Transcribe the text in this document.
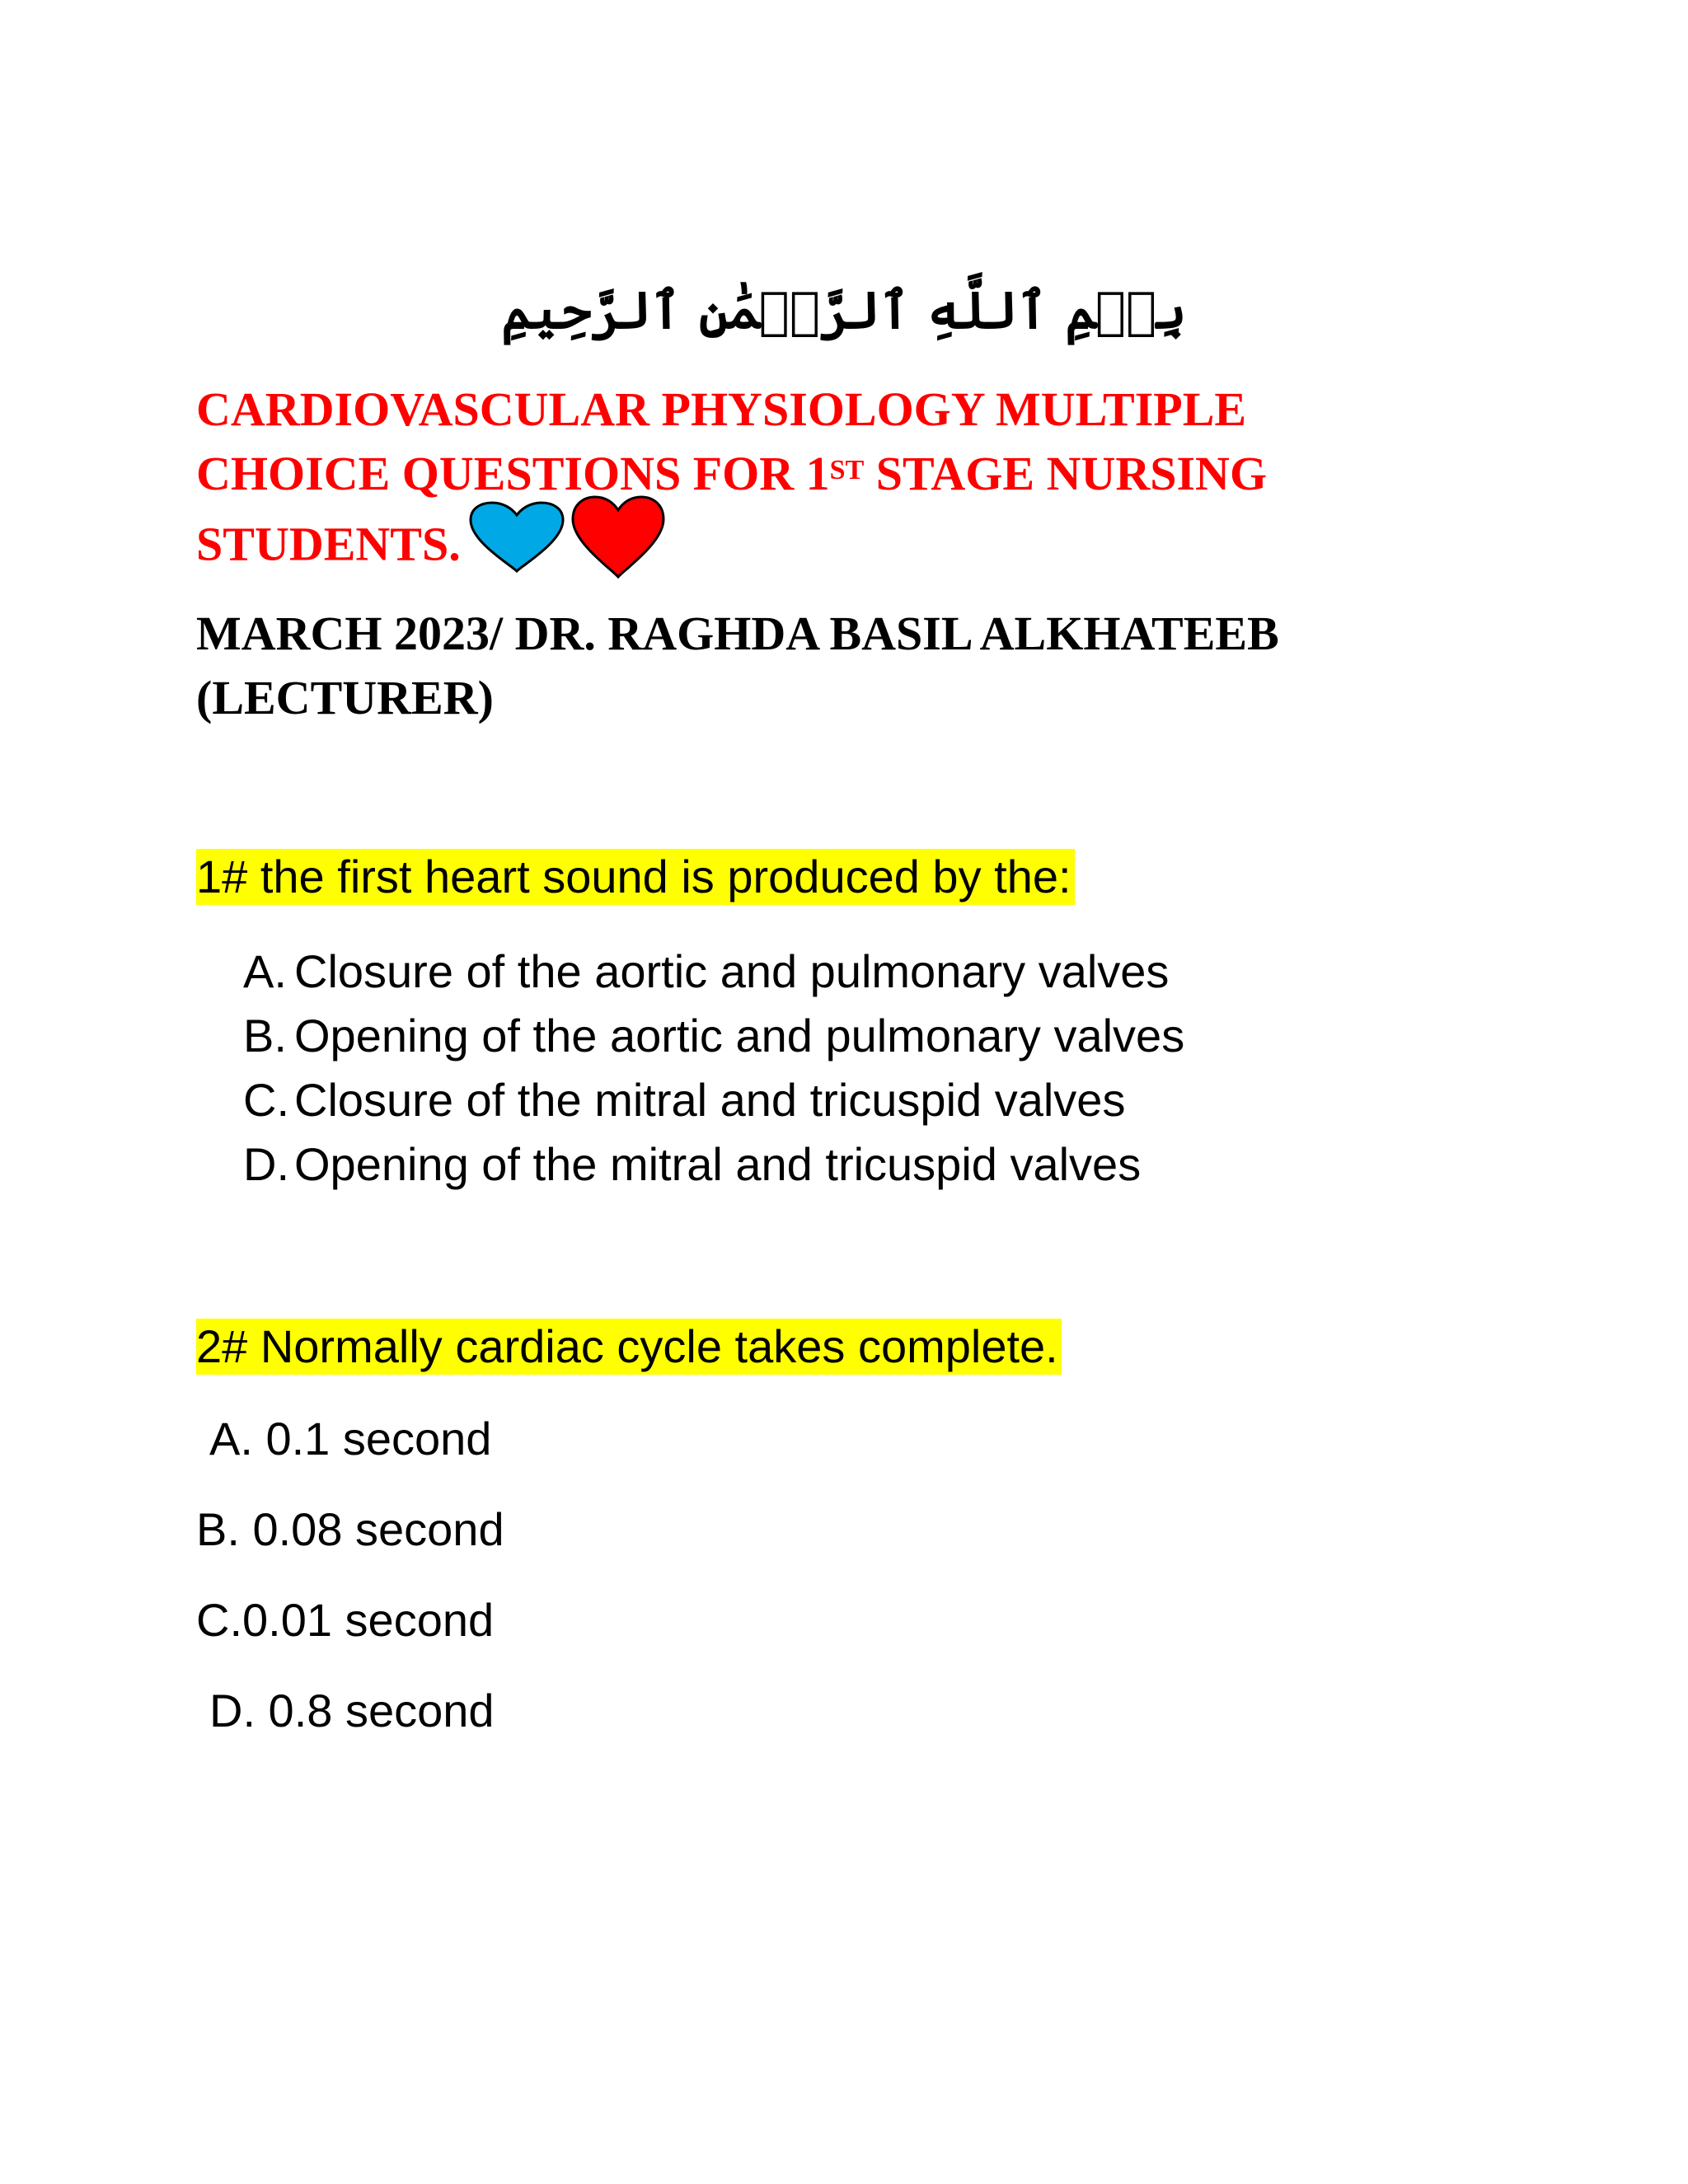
بِسۡمِ ٱللَّهِ ٱلرَّحۡمَٰنِ ٱلرَّحِيمِ
CARDIOVASCULAR PHYSIOLOGY MULTIPLE
CHOICE QUESTIONS FOR 1ST STAGE NURSING
STUDENTS.
MARCH 2023/ DR. RAGHDA BASIL ALKHATEEB
(LECTURER)
1# the first heart sound is produced by the:
A. Closure of the aortic and pulmonary valves
B. Opening of the aortic and pulmonary valves
C. Closure of the mitral and tricuspid valves
D. Opening of the mitral and tricuspid valves
2# Normally cardiac cycle takes complete.
A. 0.1 second
B. 0.08 second
C.0.01 second
D. 0.8 second
